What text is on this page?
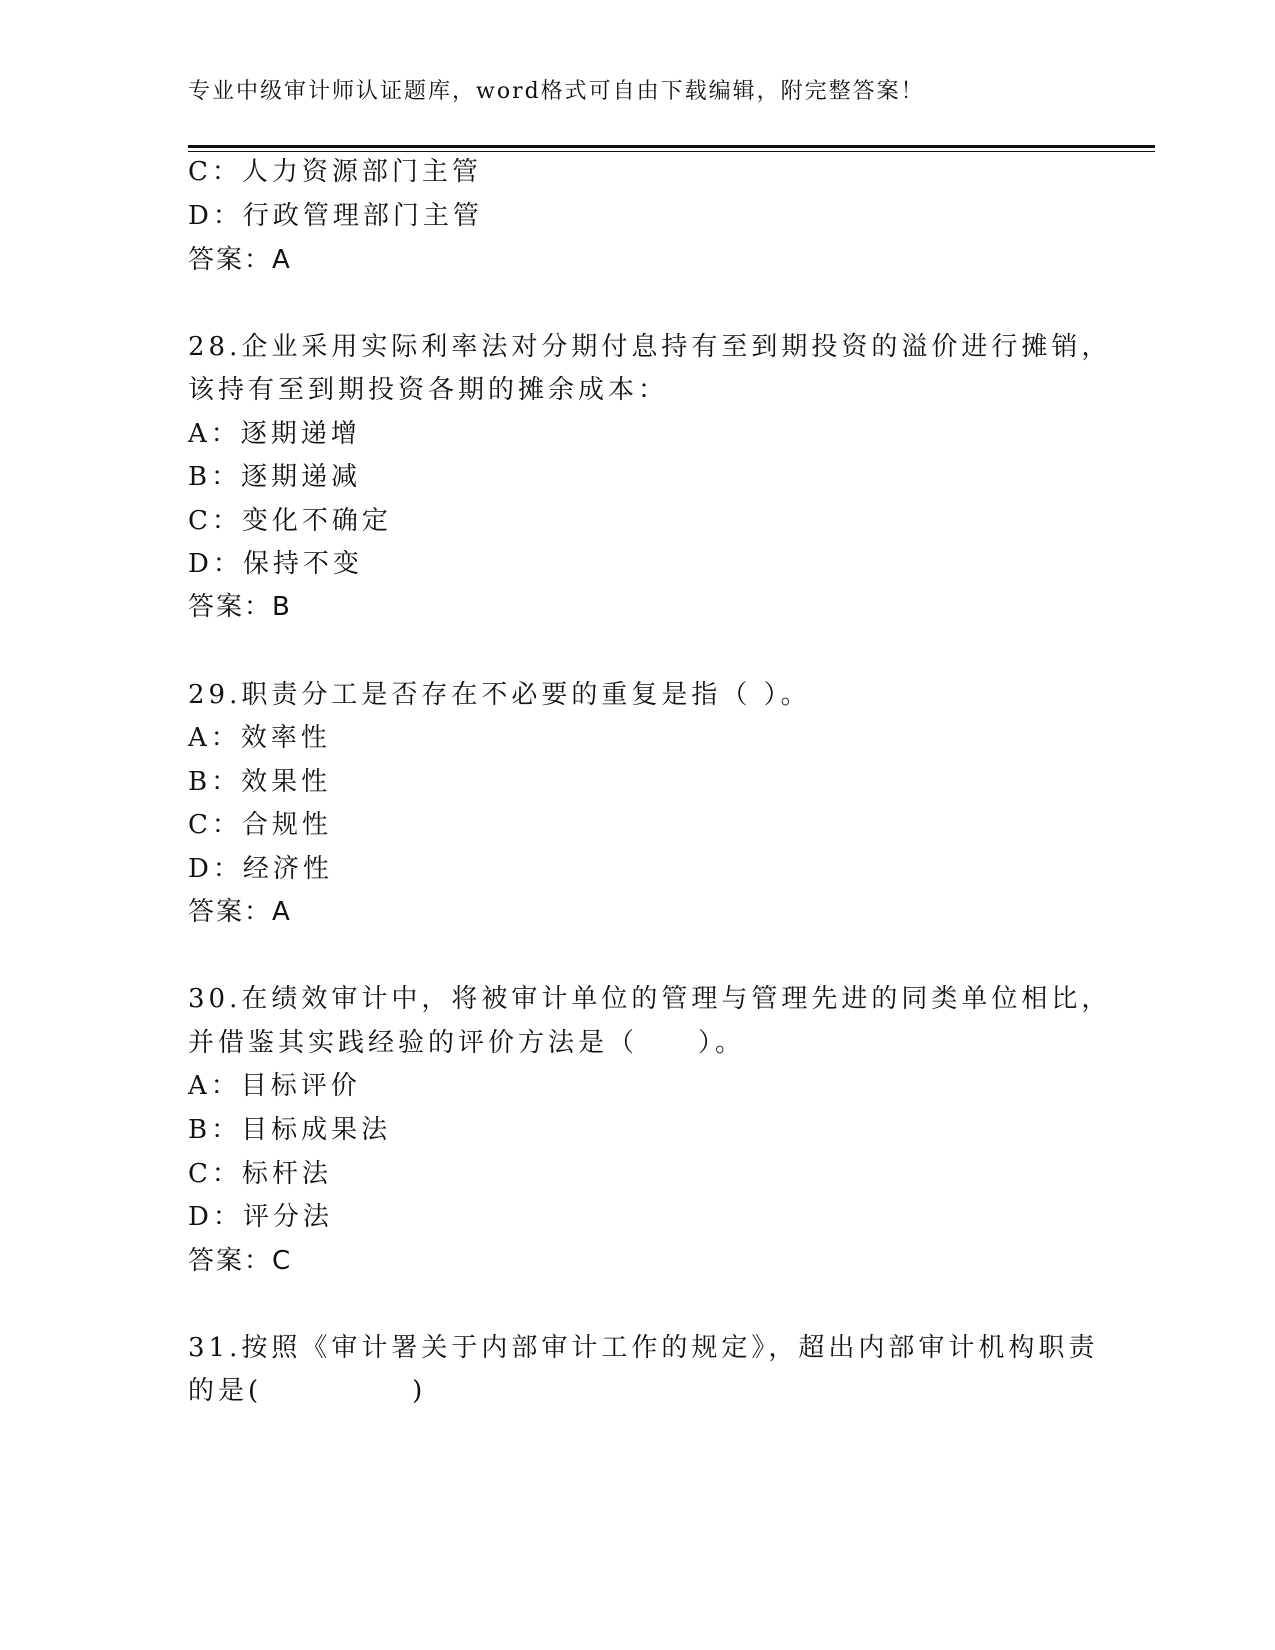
专业中级审计师认证题库，word格式可自由下载编辑，附完整答案！
C：人力资源部门主管
D：行政管理部门主管
答案：A
28.企业采用实际利率法对分期付息持有至到期投资的溢价进行摊销，
该持有至到期投资各期的摊余成本：
A：逐期递增
B：逐期递减
C：变化不确定
D：保持不变
答案：B
29.职责分工是否存在不必要的重复是指（ ）。
A：效率性
B：效果性
C：合规性
D：经济性
答案：A
30.在绩效审计中，将被审计单位的管理与管理先进的同类单位相比，
并借鉴其实践经验的评价方法是（　　）。
A：目标评价
B：目标成果法
C：标杆法
D：评分法
答案：C
31.按照《审计署关于内部审计工作的规定》，超出内部审计机构职责
的是(　　　　　)
